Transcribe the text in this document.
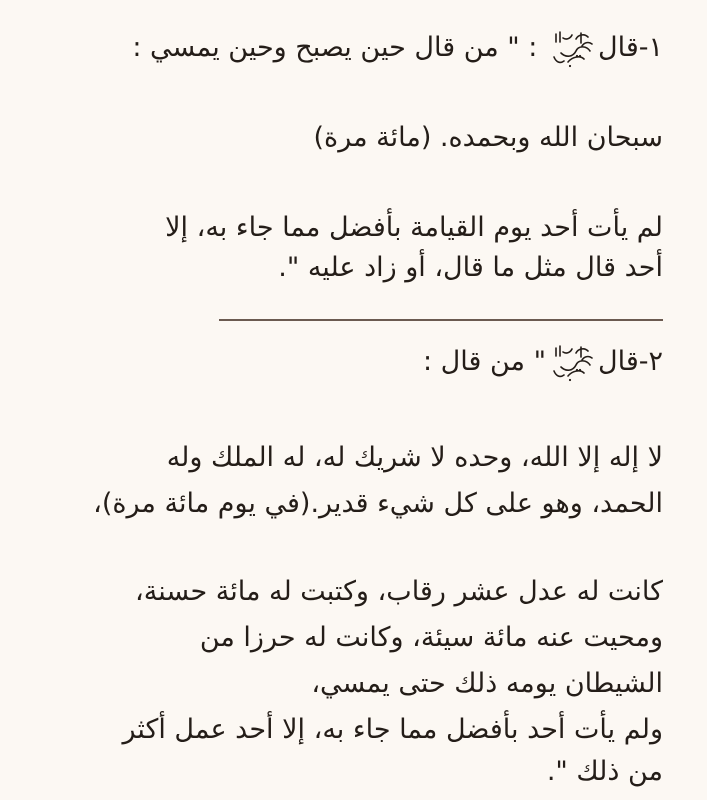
١-قال
: " من قال حين يصبح وحين يمسي :
سبحان الله وبحمده. (مائة مرة)
لم يأت أحد يوم القيامة بأفضل مما جاء به، إلا
أحد قال مثل ما قال، أو زاد عليه ".
٢-قال
" من قال :
لا إله إلا الله، وحده لا شريك له، له الملك وله
الحمد، وهو على كل شيء قدير.(في يوم مائة مرة)،
كانت له عدل عشر رقاب، وكتبت له مائة حسنة،
ومحيت عنه مائة سيئة، وكانت له حرزا من
الشيطان يومه ذلك حتى يمسي،
ولم يأت أحد بأفضل مما جاء به، إلا أحد عمل أكثر
من ذلك ".
